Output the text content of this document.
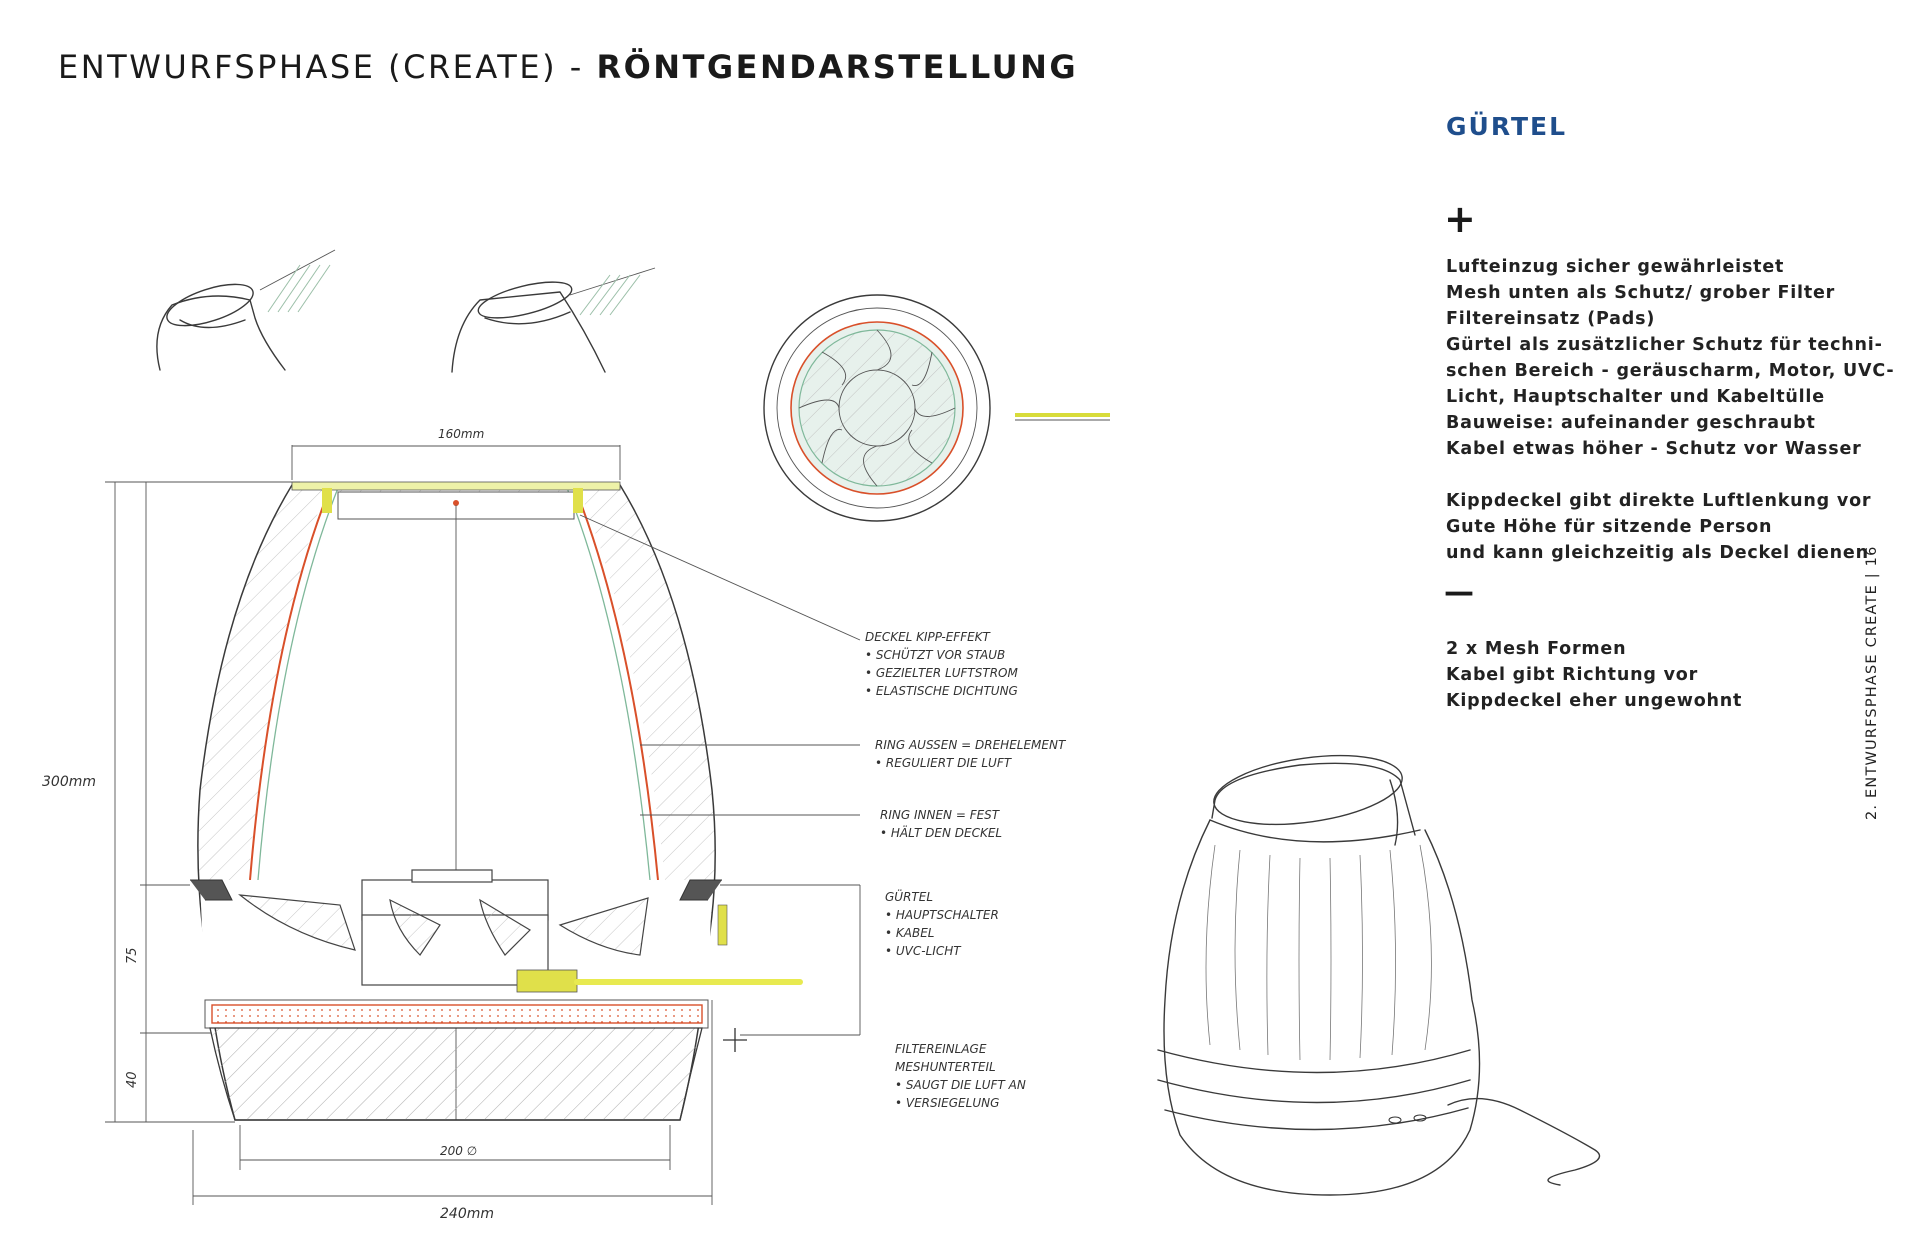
ENTWURFSPHASE (CREATE) - RÖNTGENDARSTELLUNG
GÜRTEL
+
Lufteinzug sicher gewährleistet
Mesh unten als Schutz/ grober Filter
Filtereinsatz (Pads)
Gürtel als zusätzlicher Schutz für techni-
schen Bereich - geräuscharm, Motor, UVC-
Licht, Hauptschalter und Kabeltülle
Bauweise: aufeinander geschraubt
Kabel etwas höher - Schutz vor Wasser
Kippdeckel gibt direkte Luftlenkung vor
Gute Höhe für sitzende Person
und kann gleichzeitig als Deckel dienen
—
2 x Mesh Formen
Kabel gibt Richtung vor
Kippdeckel eher ungewohnt	2. ENTWURFSPHASE CREATE | 16
160mm
300mm
75
40
200 ∅
240mm
DECKEL KIPP-EFFEKT
• SCHÜTZT VOR STAUB
• GEZIELTER LUFTSTROM
• ELASTISCHE DICHTUNG
RING AUSSEN = DREHELEMENT
• REGULIERT DIE LUFT
RING INNEN = FEST
• HÄLT DEN DECKEL
GÜRTEL
• HAUPTSCHALTER
• KABEL
• UVC-LICHT
FILTEREINLAGE
MESHUNTERTEIL
• SAUGT DIE LUFT AN
• VERSIEGELUNG
